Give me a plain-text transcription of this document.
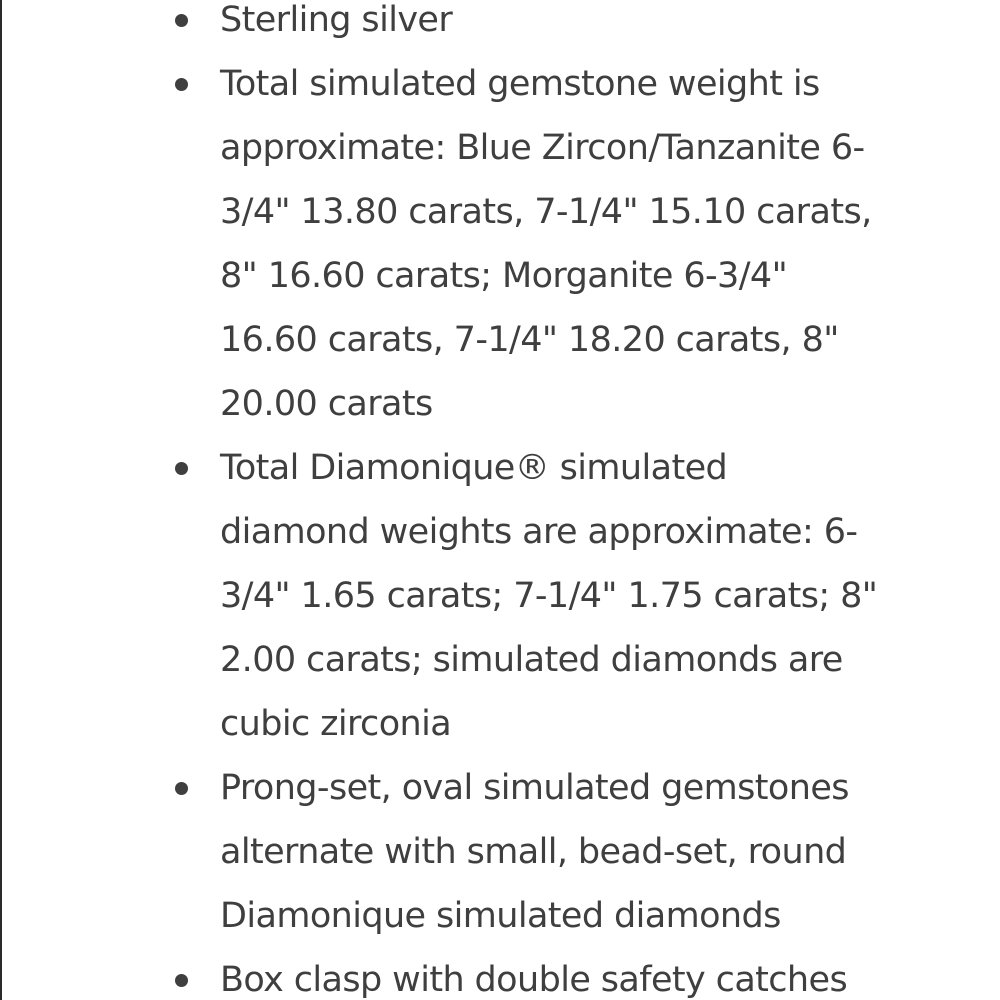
Sterling silver
Total simulated gemstone weight is
approximate: Blue Zircon/Tanzanite 6-
3/4" 13.80 carats, 7-1/4" 15.10 carats,
8" 16.60 carats; Morganite 6-3/4"
16.60 carats, 7-1/4" 18.20 carats, 8"
20.00 carats
Total Diamonique® simulated
diamond weights are approximate: 6-
3/4" 1.65 carats; 7-1/4" 1.75 carats; 8"
2.00 carats; simulated diamonds are
cubic zirconia
Prong-set, oval simulated gemstones
alternate with small, bead-set, round
Diamonique simulated diamonds
Box clasp with double safety catches
